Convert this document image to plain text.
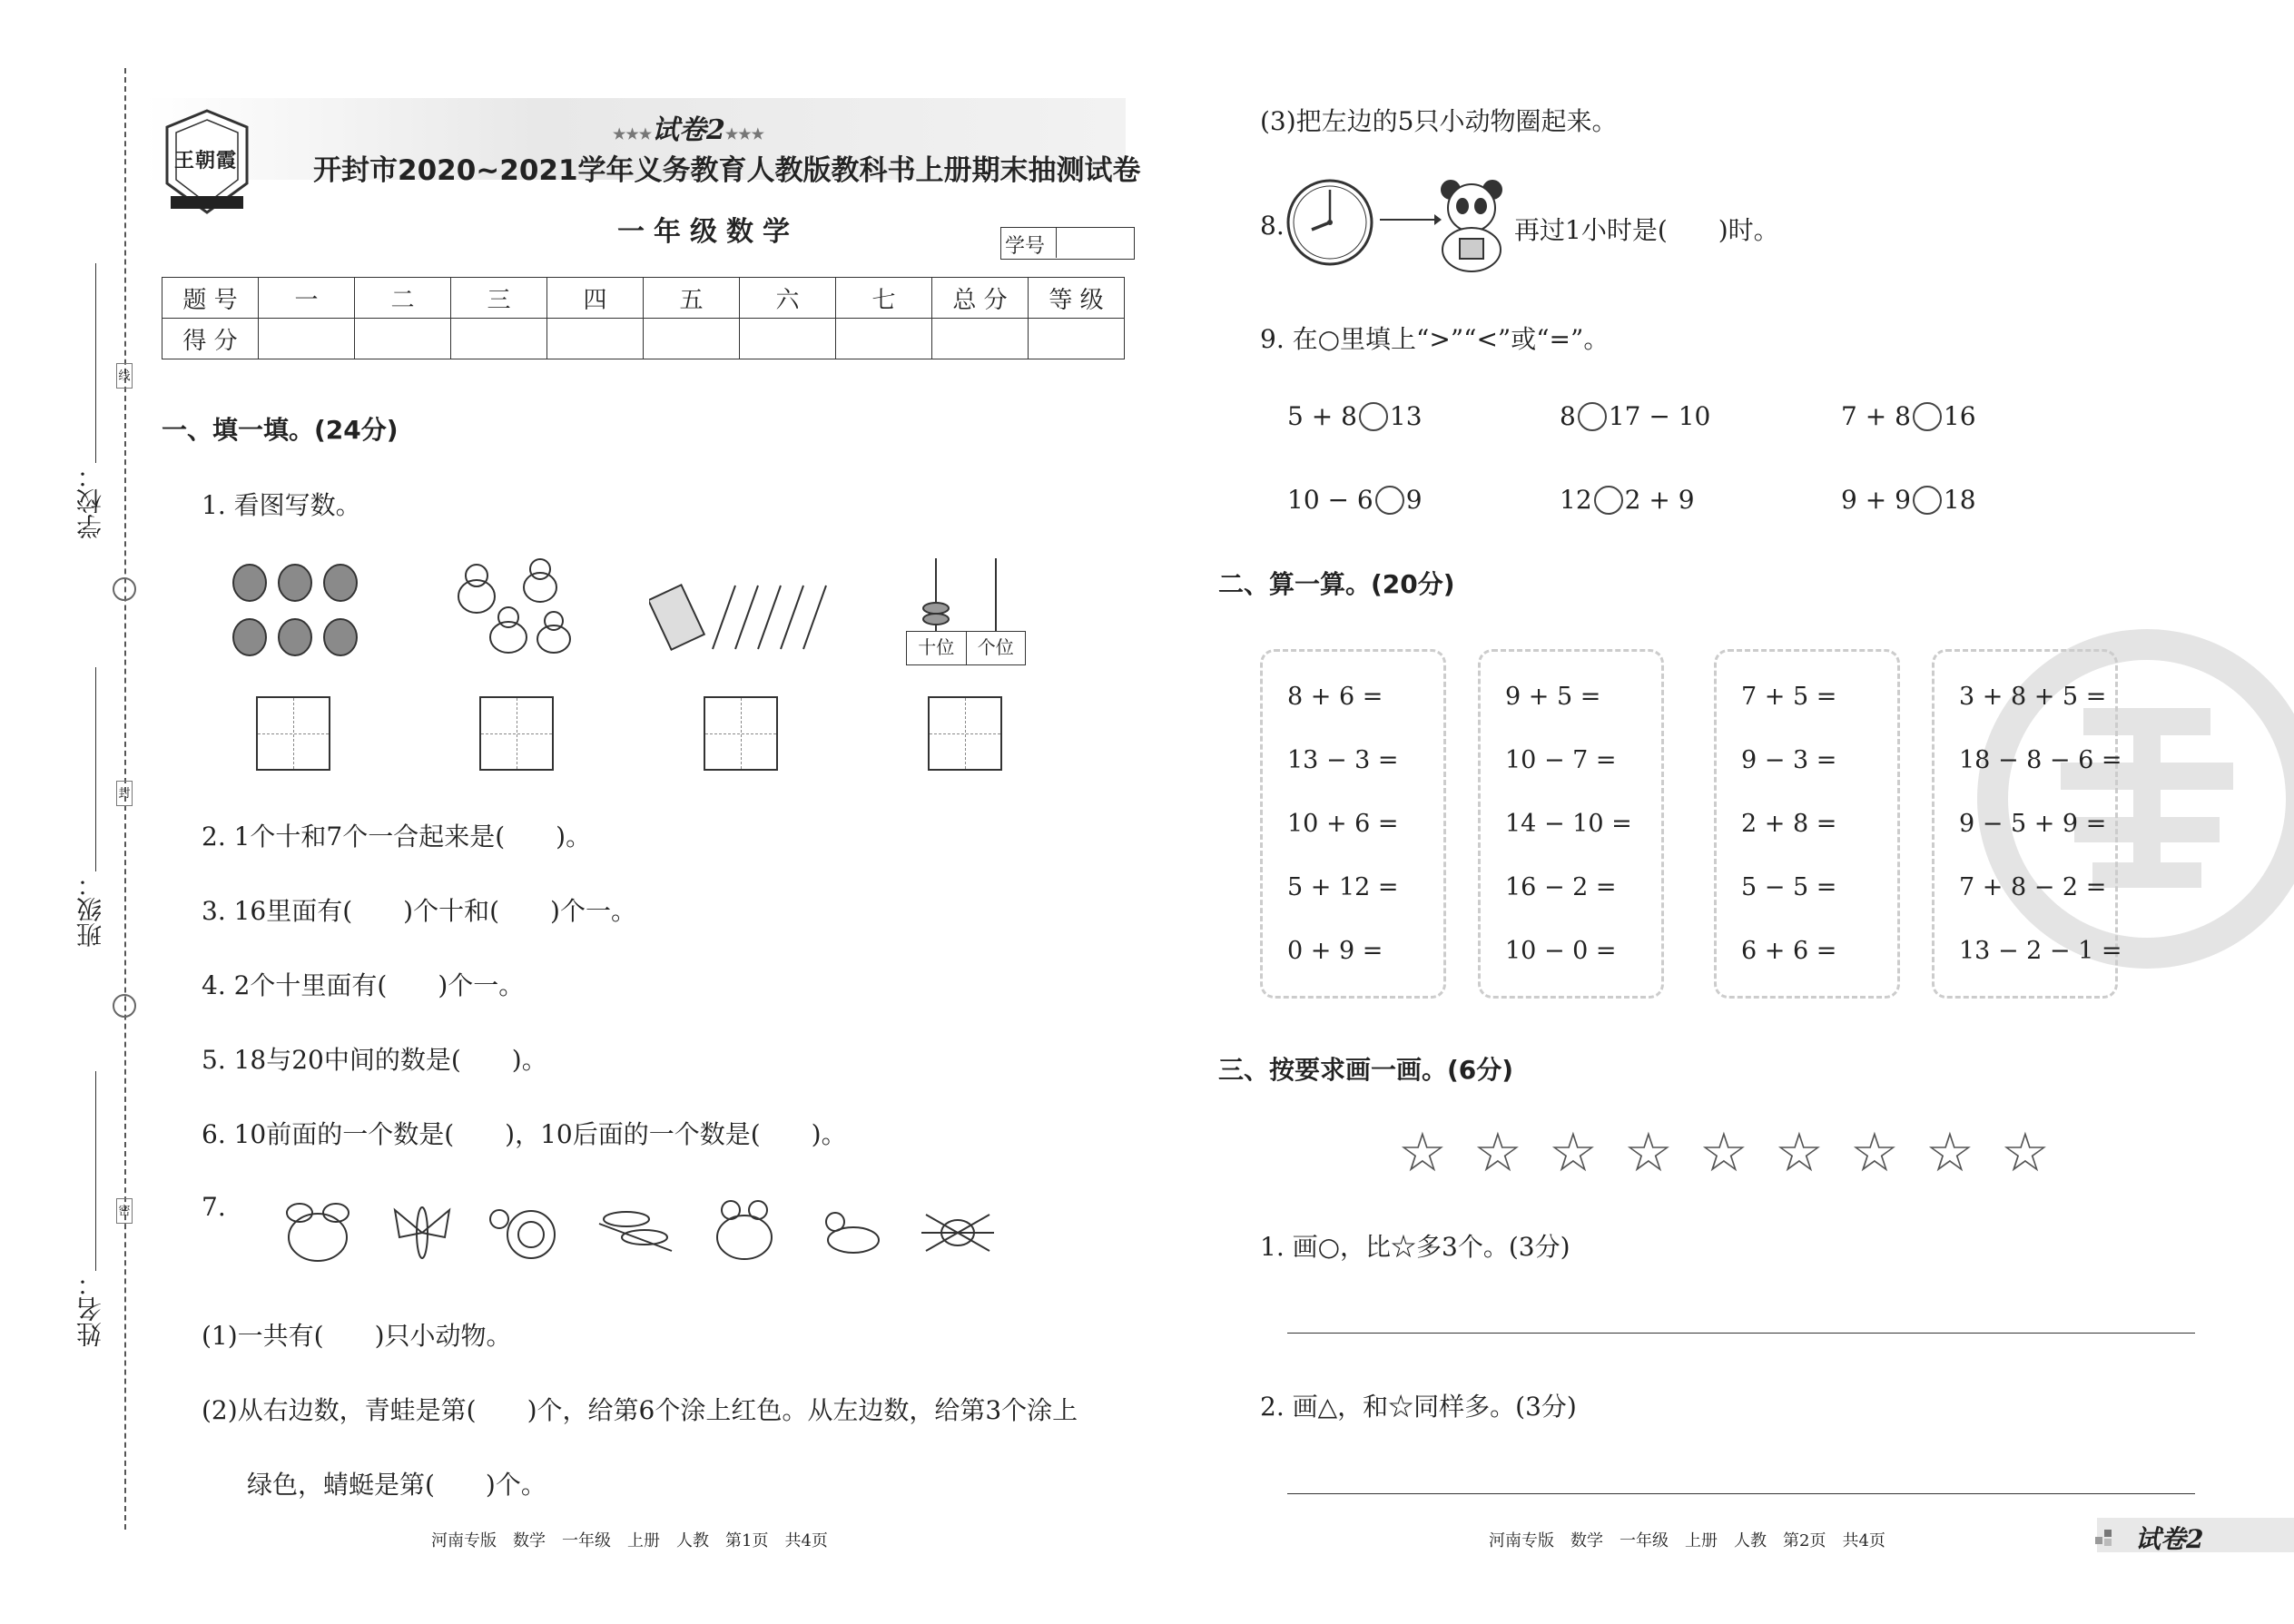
学校：
班级：
姓名：
线
封
密
王朝霞
★★★试卷2★★★
开封市2020~2021学年义务教育人教版教科书上册期末抽测试卷
一年级数学	学号
题 号	一	二	三	四	五	六	七	总 分	等 级
得 分									
一、填一填。(24分)
1. 看图写数。
十位	个位
2. 1个十和7个一合起来是(　　)。
3. 16里面有(　　)个十和(　　)个一。
4. 2个十里面有(　　)个一。
5. 18与20中间的数是(　　)。
6. 10前面的一个数是(　　)，10后面的一个数是(　　)。
7.
(1)一共有(　　)只小动物。
(2)从右边数，青蛙是第(　　)个，给第6个涂上红色。从左边数，给第3个涂上
绿色，蜻蜓是第(　　)个。
河南专版　数学　一年级　上册　人教　第1页　共4页
(3)把左边的5只小动物圈起来。
8.	再过1小时是(　　)时。
9. 在○里填上“>”“<”或“=”。
5 + 8 13	8 17 − 10	7 + 8 16
10 − 6 9	12 2 + 9	9 + 9 18
二、算一算。(20分)
8 + 6 =
13 − 3 =
10 + 6 =
5 + 12 =
0 + 9 =
9 + 5 =
10 − 7 =
14 − 10 =
16 − 2 =
10 − 0 =
7 + 5 =
9 − 3 =
2 + 8 =
5 − 5 =
6 + 6 =
3 + 8 + 5 =
18 − 8 − 6 =
9 − 5 + 9 =
7 + 8 − 2 =
13 − 2 − 1 =
三、按要求画一画。(6分)
☆ ☆ ☆ ☆ ☆ ☆ ☆ ☆ ☆
1. 画○，比☆多3个。(3分)
2. 画△，和☆同样多。(3分)
河南专版　数学　一年级　上册　人教　第2页　共4页	试卷2
